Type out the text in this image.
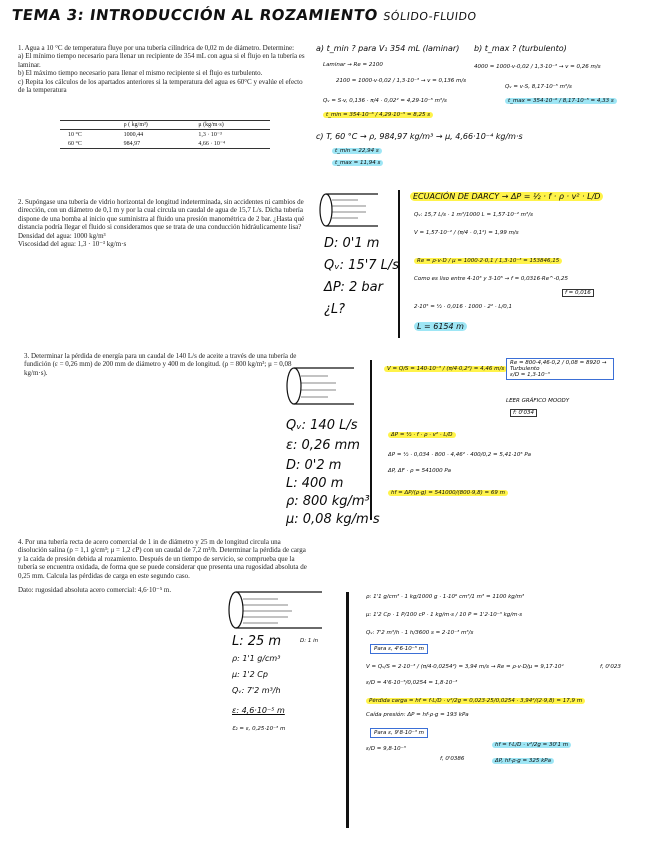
TEMA 3: INTRODUCCIÓN AL ROZAMIENTO SÓLIDO-FLUIDO
1. Agua a 10 °C de temperatura fluye por una tubería cilíndrica de 0,02 m de diámetro. Determine:
a) El mínimo tiempo necesario para llenar un recipiente de 354 mL con agua si el flujo en la tubería es laminar.
b) El máximo tiempo necesario para llenar el mismo recipiente si el flujo es turbulento.
c) Repita los cálculos de los apartados anteriores si la temperatura del agua es 60°C y evalúe el efecto de la temperatura
	ρ ( kg/m³)	μ (kg/m·s)
10 °C	1000,44	1,3 · 10⁻³
60 °C	984,97	4,66 · 10⁻⁴
a) t_min ? para V₁ 354 mL (laminar)
Laminar → Re = 2100
2100 = 1000·v·0,02 / 1,3·10⁻³ → v = 0,136 m/s
Qᵥ = S·v, 0,136 · π/4 · 0,02² = 4,29·10⁻⁵ m³/s
t_min = 354·10⁻⁶ / 4,29·10⁻⁵ = 8,25 s
b) t_max ? (turbulento)
4000 = 1000·v·0,02 / 1,3·10⁻³ → v = 0,26 m/s
Qᵥ = v·S, 8,17·10⁻⁵ m³/s
t_max = 354·10⁻⁶ / 8,17·10⁻⁵ = 4,33 s
c) T, 60 °C → ρ, 984,97 kg/m³ → μ, 4,66·10⁻⁴ kg/m·s
t_min = 22,94 s
t_max = 11,94 s
2. Supóngase una tubería de vidrio horizontal de longitud indeterminada, sin accidentes ni cambios de dirección, con un diámetro de 0,1 m y por la cual circula un caudal de agua de 15,7 L/s. Dicha tubería dispone de una bomba al inicio que suministra al fluido una presión manométrica de 2 bar. ¿Hasta qué distancia podría llegar el fluido si consideramos que se trata de una conducción hidráulicamente lisa?
Densidad del agua: 1000 kg/m³
Viscosidad del agua: 1,3 · 10⁻³ kg/m·s	D: 0'1 m
Qᵥ: 15'7 L/s
ΔP: 2 bar
¿L?
ECUACIÓN DE DARCY → ΔP = ½ · f · ρ · v² · L/D
Qᵥ: 15,7 L/s · 1 m³/1000 L = 1,57·10⁻² m³/s
V = 1,57·10⁻² / (π/4 · 0,1²) = 1,99 m/s
Re = ρ·v·D / μ = 1000·2·0,1 / 1,3·10⁻³ = 153846,15
Como es liso entre 4·10³ y 3·10⁵ → f = 0,0316·Re^-0,25
f = 0,016
2·10⁵ = ½ · 0,016 · 1000 · 2² · L/0,1
L = 6154 m
3. Determinar la pérdida de energía para un caudal de 140 L/s de aceite a través de una tubería de fundición (ε = 0,26 mm) de 200 mm de diámetro y 400 m de longitud. (ρ = 800 kg/m³; μ = 0,08 kg/m·s).
Qᵥ: 140 L/s
ε: 0,26 mm
D: 0'2 m
L: 400 m
ρ: 800 kg/m³
μ: 0,08 kg/m·s
V = Q/S = 140·10⁻³ / (π/4·0,2²) = 4,46 m/s
Re = 800·4,46·0,2 / 0,08 = 8920 → Turbulento
ε/D = 1,3·10⁻³
LEER GRÁFICO MOODY
f: 0'034
ΔP = ½ · f · ρ · v² · L/D
ΔP = ½ · 0,034 · 800 · 4,46² · 400/0,2 = 5,41·10⁵ Pa
ΔP, ΔF · ρ = 541000 Pa
hf = ΔP/(ρ·g) = 541000/(800·9,8) = 69 m
4. Por una tubería recta de acero comercial de 1 in de diámetro y 25 m de longitud circula una disolución salina (ρ = 1,1 g/cm³; μ = 1,2 cP) con un caudal de 7,2 m³/h. Determinar la pérdida de carga y la caída de presión debida al rozamiento. Después de un tiempo de servicio, se comprueba que la tubería se encuentra oxidada, de forma que se puede considerar que presenta una rugosidad absoluta de 0,25 mm. Calcula las pérdidas de carga en este segundo caso.
Dato: rugosidad absoluta acero comercial: 4,6·10⁻⁵ m.
L: 25 m	D: 1 in
ρ: 1'1 g/cm³
μ: 1'2 Cp
Qᵥ: 7'2 m³/h
ε: 4,6·10⁻⁵ m
Ɛ₂ = ε, 0,25·10⁻³ m
ρ: 1'1 g/cm³ · 1 kg/1000 g · 1·10⁶ cm³/1 m³ = 1100 kg/m³
μ: 1'2 Cp · 1 P/100 cP · 1 kg/m·s / 10 P = 1'2·10⁻³ kg/m·s
Qᵥ: 7'2 m³/h · 1 h/3600 s = 2·10⁻³ m³/s
Para ε, 4'6·10⁻⁵ m
V = Qᵥ/S = 2·10⁻³ / (π/4·0,0254²) = 3,94 m/s → Re = ρ·v·D/μ = 9,17·10⁴
ε/D = 4'6·10⁻⁵/0,0254 = 1,8·10⁻³
f, 0'023
Pérdida carga = hf = f·L/D · v²/2g = 0,023·25/0,0254 · 3,94²/(2·9,8) = 17,9 m
Caída presión: ΔP = hf·ρ·g = 193 kPa
Para ε, 9'8·10⁻³ m
ε/D = 9,8·10⁻³
f, 0'0386
hf = f·L/D · v²/2g = 30'1 m
ΔP, hf·ρ·g = 325 kPa
